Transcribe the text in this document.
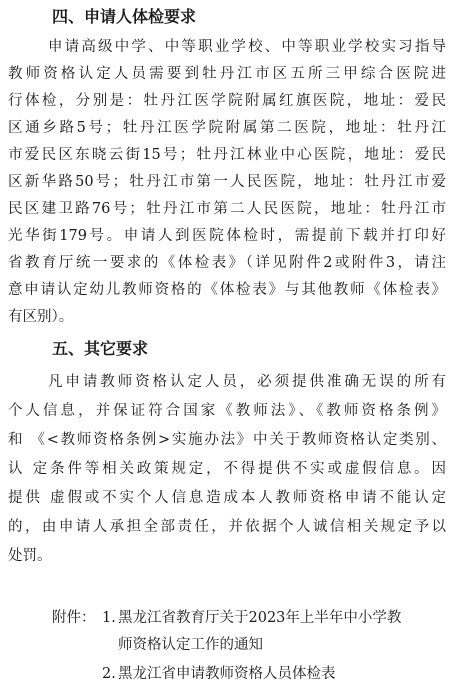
四、申请人体检要求
申请高级中学、中等职业学校、中等职业学校实习指导
教师资格认定人员需要到牡丹江市区五所三甲综合医院进
行体检，分别是：牡丹江医学院附属红旗医院，地址：爱民
区通乡路5号；牡丹江医学院附属第二医院，地址：牡丹江
市爱民区东晓云街15号；牡丹江林业中心医院，地址：爱民
区新华路50号；牡丹江市第一人民医院，地址：牡丹江市爱
民区建卫路76号；牡丹江市第二人民医院，地址：牡丹江市
光华街179号。申请人到医院体检时，需提前下载并打印好
省教育厅统一要求的《体检表》（详见附件2或附件3，请注
意申请认定幼儿教师资格的《体检表》与其他教师《体检表》
有区别）。
五、其它要求
凡申请教师资格认定人员，必须提供准确无误的所有
个人信息，并保证符合国家《教师法》、《教师资格条例》
和 《<教师资格条例>实施办法》中关于教师资格认定类别、
认 定条件等相关政策规定，不得提供不实或虚假信息。因
提供 虚假或不实个人信息造成本人教师资格申请不能认定
的，由申请人承担全部责任，并依据个人诚信相关规定予以
处罚。
附件： 1. 黑龙江省教育厅关于2023年上半年中小学教
师资格认定工作的通知
2. 黑龙江省申请教师资格人员体检表
